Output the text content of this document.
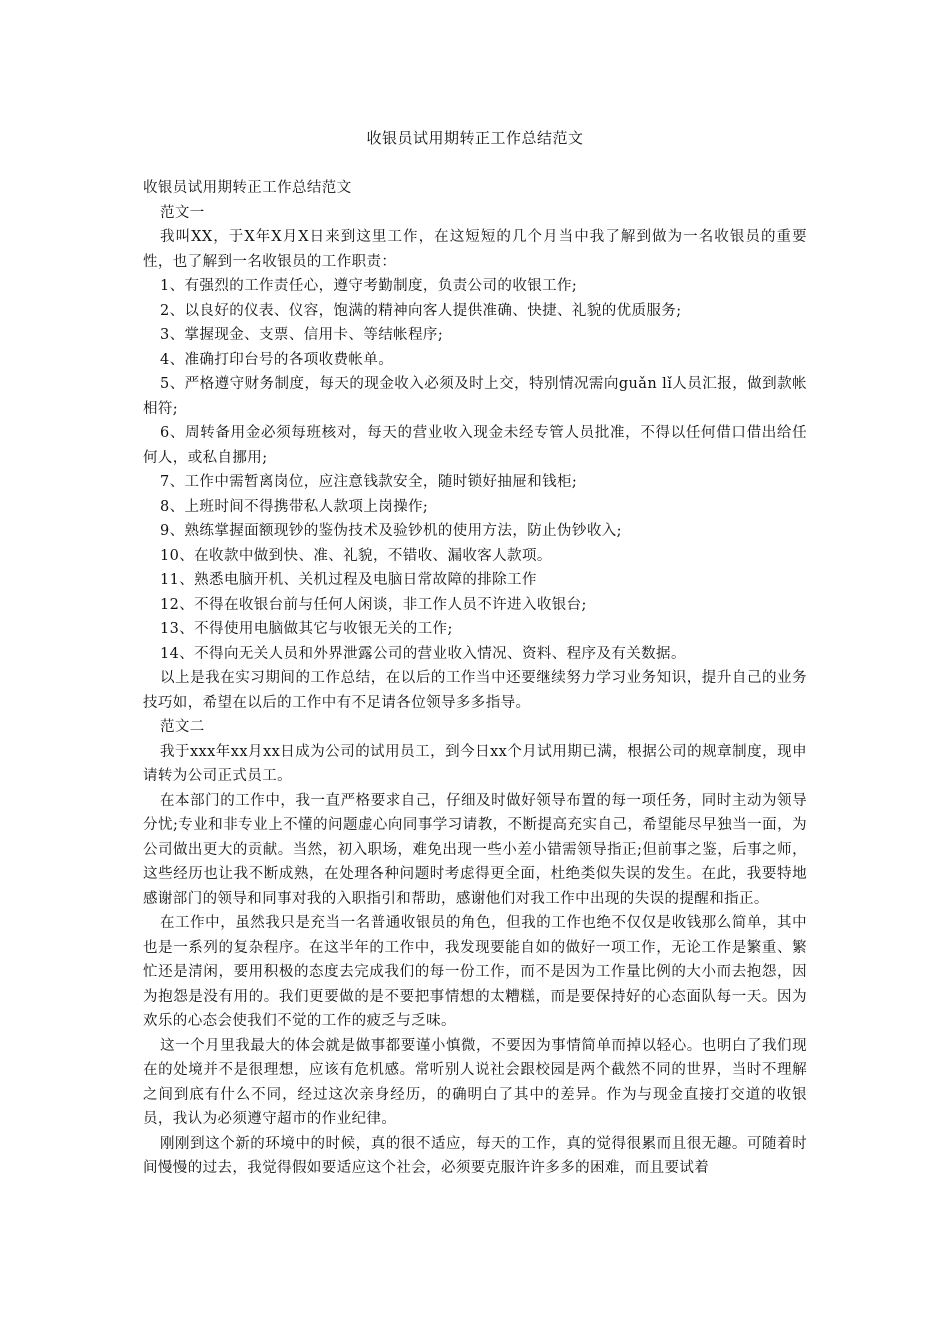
收银员试用期转正工作总结范文

收银员试用期转正工作总结范文

范文一

我叫XX，于X年X月X日来到这里工作，在这短短的几个月当中我了解到做为一名收银员的重要性，也了解到一名收银员的工作职责：

1、有强烈的工作责任心，遵守考勤制度，负责公司的收银工作;

2、以良好的仪表、仪容，饱满的精神向客人提供准确、快捷、礼貌的优质服务;

3、掌握现金、支票、信用卡、等结帐程序;

4、准确打印台号的各项收费帐单。

5、严格遵守财务制度，每天的现金收入必须及时上交，特别情况需向guǎn lǐ人员汇报，做到款帐相符;

6、周转备用金必须每班核对，每天的营业收入现金未经专管人员批准，不得以任何借口借出给任何人，或私自挪用;

7、工作中需暂离岗位，应注意钱款安全，随时锁好抽屉和钱柜;

8、上班时间不得携带私人款项上岗操作;

9、熟练掌握面额现钞的鉴伪技术及验钞机的使用方法，防止伪钞收入;

10、在收款中做到快、准、礼貌，不错收、漏收客人款项。

11、熟悉电脑开机、关机过程及电脑日常故障的排除工作

12、不得在收银台前与任何人闲谈，非工作人员不许进入收银台;

13、不得使用电脑做其它与收银无关的工作;

14、不得向无关人员和外界泄露公司的营业收入情况、资料、程序及有关数据。

以上是我在实习期间的工作总结，在以后的工作当中还要继续努力学习业务知识，提升自己的业务技巧如，希望在以后的工作中有不足请各位领导多多指导。

范文二

我于xxx年xx月xx日成为公司的试用员工，到今日xx个月试用期已满，根据公司的规章制度，现申请转为公司正式员工。

在本部门的工作中，我一直严格要求自己，仔细及时做好领导布置的每一项任务，同时主动为领导分忧;专业和非专业上不懂的问题虚心向同事学习请教，不断提高充实自己，希望能尽早独当一面，为公司做出更大的贡献。当然，初入职场，难免出现一些小差小错需领导指正;但前事之鉴，后事之师，这些经历也让我不断成熟，在处理各种问题时考虑得更全面，杜绝类似失误的发生。在此，我要特地感谢部门的领导和同事对我的入职指引和帮助，感谢他们对我工作中出现的失误的提醒和指正。

在工作中，虽然我只是充当一名普通收银员的角色，但我的工作也绝不仅仅是收钱那么简单，其中也是一系列的复杂程序。在这半年的工作中，我发现要能自如的做好一项工作，无论工作是繁重、繁忙还是清闲，要用积极的态度去完成我们的每一份工作，而不是因为工作量比例的大小而去抱怨，因为抱怨是没有用的。我们更要做的是不要把事情想的太糟糕，而是要保持好的心态面队每一天。因为欢乐的心态会使我们不觉的工作的疲乏与乏味。

这一个月里我最大的体会就是做事都要谨小慎微，不要因为事情简单而掉以轻心。也明白了我们现在的处境并不是很理想，应该有危机感。常听别人说社会跟校园是两个截然不同的世界，当时不理解之间到底有什么不同，经过这次亲身经历，的确明白了其中的差异。作为与现金直接打交道的收银员，我认为必须遵守超市的作业纪律。

刚刚到这个新的环境中的时候，真的很不适应，每天的工作，真的觉得很累而且很无趣。可随着时间慢慢的过去，我觉得假如要适应这个社会，必须要克服许许多多的困难，而且要试着
